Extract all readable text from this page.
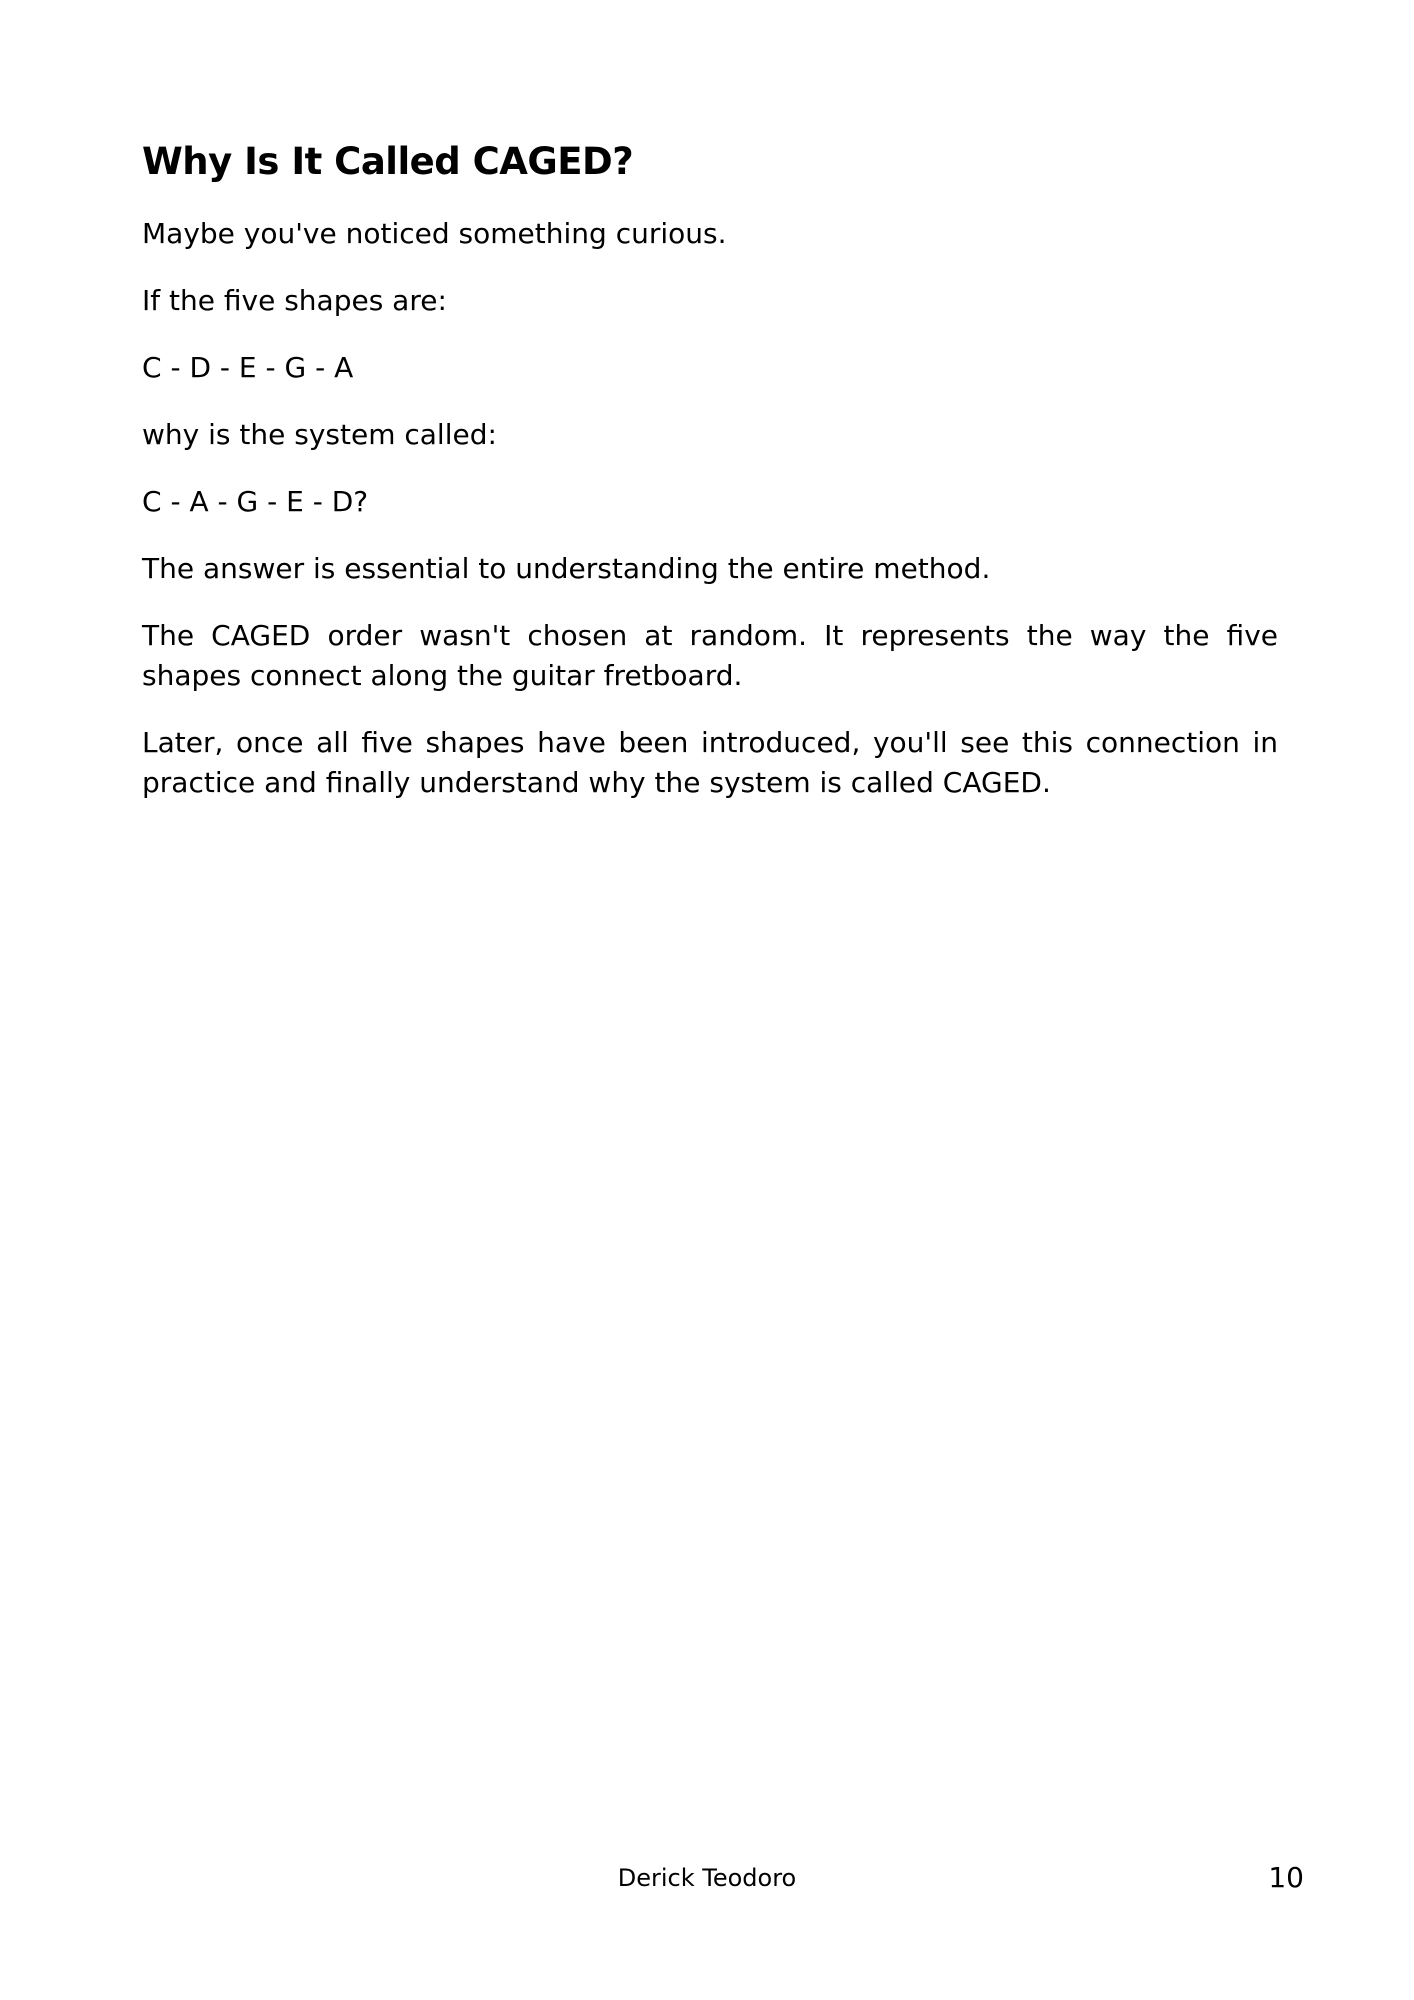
Why Is It Called CAGED?

Maybe you've noticed something curious.

If the five shapes are:

C - D - E - G - A

why is the system called:

C - A - G - E - D?

The answer is essential to understanding the entire method.

The CAGED order wasn't chosen at random. It represents the way the five shapes connect along the guitar fretboard.

Later, once all five shapes have been introduced, you'll see this connection in practice and finally understand why the system is called CAGED.

Derick Teodoro	10
